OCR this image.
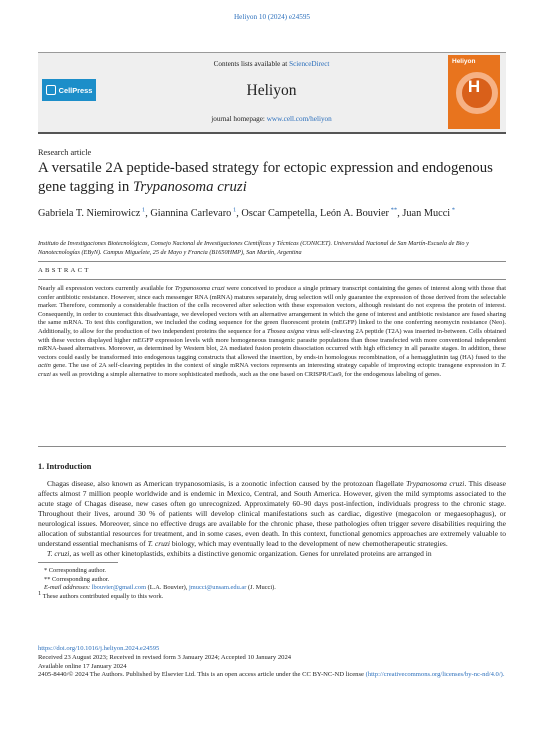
Heliyon 10 (2024) e24595
CellPress
Contents lists available at ScienceDirect
Heliyon
journal homepage: www.cell.com/heliyon
Heliyon
H
Research article
A versatile 2A peptide-based strategy for ectopic expression and endogenous gene tagging in Trypanosoma cruzi
Gabriela T. Niemirowicz $^1$, Giannina Carlevaro $^1$, Oscar Campetella, León A. Bouvier **, Juan Mucci *
Instituto de Investigaciones Biotecnológicas, Consejo Nacional de Investigaciones Científicas y Técnicas (CONICET). Universidad Nacional de San Martín-Escuela de Bio y Nanotecnologías (EByN). Campus Miguelete, 25 de Mayo y Francia (B1650HMP), San Martín, Argentina
ABSTRACT
Nearly all expression vectors currently available for Trypanosoma cruzi were conceived to produce a single primary transcript containing the genes of interest along with those that confer antibiotic resistance. However, since each messenger RNA (mRNA) matures separately, drug selection will only guarantee the expression of those derived from the selectable marker. Therefore, commonly a considerable fraction of the cells recovered after selection with these expression vectors, although resistant do not express the protein of interest. Consequently, in order to counteract this disadvantage, we developed vectors with an alternative arrangement in which the gene of interest and antibiotic resistance are fused sharing the same mRNA. To test this configuration, we included the coding sequence for the green fluorescent protein (mEGFP) linked to the one conferring neomycin resistance (Neo). Additionally, to allow for the production of two independent proteins the sequence for a Thosea asigna virus self-cleaving 2A peptide (T2A) was inserted in-between. Cells obtained with these vectors displayed higher mEGFP expression levels with more homogeneous transgenic parasite populations than those transfected with more conventional independent mRNA-based alternatives. Moreover, as determined by Western blot, 2A mediated fusion protein dissociation occurred with high efficiency in all parasite stages. In addition, these vectors could easily be transformed into endogenous tagging constructs that allowed the insertion, by ends-in homologous recombination, of a hemagglutinin tag (HA) fused to the actin gene. The use of 2A self-cleaving peptides in the context of single mRNA vectors represents an interesting strategy capable of improving ectopic transgene expression in T. cruzi as well as providing a simple alternative to more sophisticated methods, such as the one based on CRISPR/Cas9, for the endogenous labeling of genes.
1. Introduction

Chagas disease, also known as American trypanosomiasis, is a zoonotic infection caused by the protozoan flagellate Trypanosoma cruzi. This disease affects almost 7 million people worldwide and is endemic in Mexico, Central, and South America. However, given the mild symptoms associated to the acute stage of Chagas disease, new cases often go unrecognized. Approximately 60–90 days post-infection, individuals progress to the chronic stage. Throughout their lives, around 30 % of patients will develop clinical manifestations such as cardiac, digestive (megacolon or megaesophagus), or neurological issues. Moreover, since no effective drugs are available for the chronic phase, these pathologies often trigger severe disabilities requiring the allocation of substantial resources for treatment, and in some cases, even death. In this context, functional genomics approaches are extremely valuable to understand essential mechanisms of T. cruzi biology, which may eventually lead to the development of new chemotherapeutic strategies.

T. cruzi, as well as other kinetoplastids, exhibits a distinctive genomic organization. Genes for unrelated proteins are arranged in

* Corresponding author.
** Corresponding author.
E-mail addresses: lbouvier@gmail.com (L.A. Bouvier), jmucci@unsam.edu.ar (J. Mucci).
1 These authors contributed equally to this work.
https://doi.org/10.1016/j.heliyon.2024.e24595
Received 23 August 2023; Received in revised form 3 January 2024; Accepted 10 January 2024
Available online 17 January 2024
2405-8440/© 2024 The Authors. Published by Elsevier Ltd. This is an open access article under the CC BY-NC-ND license (http://creativecommons.org/licenses/by-nc-nd/4.0/).
